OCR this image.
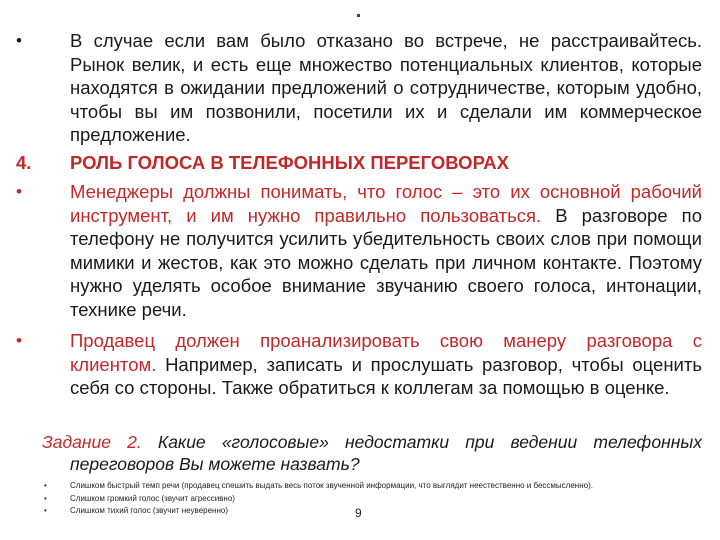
•	В случае если вам было отказано во встрече, не расстраивайтесь. Рынок велик, и есть еще множество потенциальных клиентов, которые находятся в ожидании предложений о сотрудничестве, которым удобно, чтобы вы им позвонили, посетили их и сделали им коммерческое предложение.
4. РОЛЬ ГОЛОСА В ТЕЛЕФОННЫХ ПЕРЕГОВОРАХ
•	Менеджеры должны понимать, что голос – это их основной рабочий инструмент, и им нужно правильно пользоваться. В разговоре по телефону не получится усилить убедительность своих слов при помощи мимики и жестов, как это можно сделать при личном контакте. Поэтому нужно уделять особое внимание звучанию своего голоса, интонации, технике речи.
•	Продавец должен проанализировать свою манеру разговора с клиентом. Например, записать и прослушать разговор, чтобы оценить себя со стороны. Также обратиться к коллегам за помощью в оценке.
Задание 2. Какие «голосовые» недостатки при ведении телефонных
переговоров Вы можете назвать?
•	Слишком быстрый темп речи (продавец спешить выдать весь поток звученной информации, что выглядит неестественно и бессмысленно).
•	Слишком громкий голос (звучит агрессивно)
•	Слишком тихий голос (звучит неуверенно)	9
